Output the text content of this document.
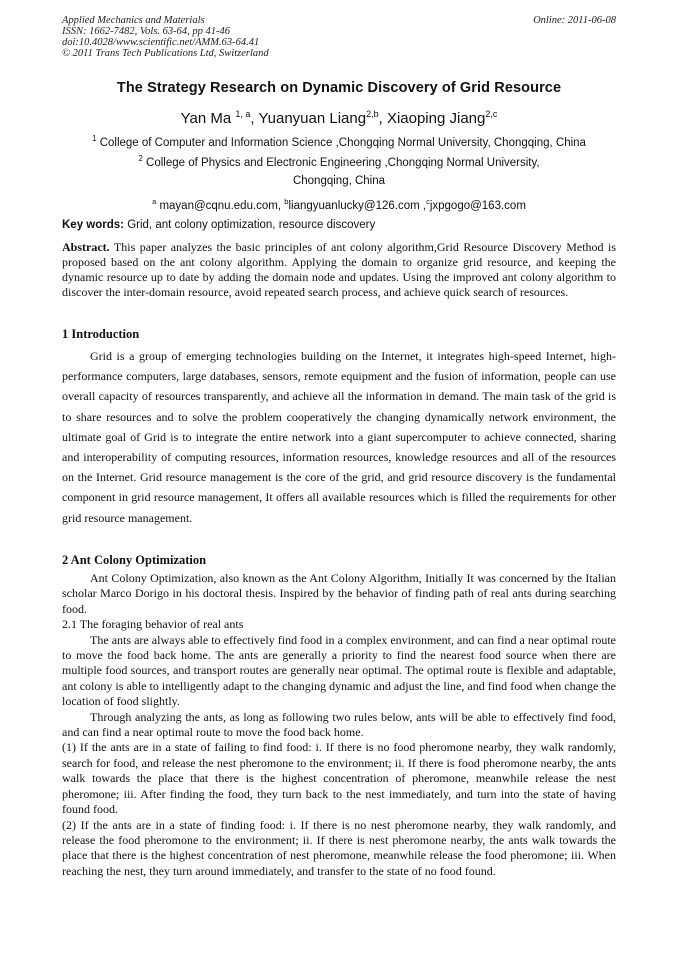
Applied Mechanics and Materials
ISSN: 1662-7482, Vols. 63-64, pp 41-46
doi:10.4028/www.scientific.net/AMM.63-64.41
© 2011 Trans Tech Publications Ltd, Switzerland
Online: 2011-06-08
The Strategy Research on Dynamic Discovery of Grid Resource
Yan Ma $^{1, a}$, Yuanyuan Liang$^{2,b}$, Xiaoping Jiang$^{2,c}$
$^1$ College of Computer and Information Science ,Chongqing Normal University, Chongqing, China
$^2$ College of Physics and Electronic Engineering ,Chongqing Normal University,
Chongqing, China
$^a$ mayan@cqnu.edu.com, $^b$liangyuanlucky@126.com ,$^c$jxpgogo@163.com
Key words: Grid, ant colony optimization, resource discovery
Abstract. This paper analyzes the basic principles of ant colony algorithm,Grid Resource Discovery Method is proposed based on the ant colony algorithm. Applying the domain to organize grid resource, and keeping the dynamic resource up to date by adding the domain node and updates. Using the improved ant colony algorithm to discover the inter-domain resource, avoid repeated search process, and achieve quick search of resources.
1 Introduction
Grid is a group of emerging technologies building on the Internet, it integrates high-speed Internet, high-performance computers, large databases, sensors, remote equipment and the fusion of information, people can use overall capacity of resources transparently, and achieve all the information in demand. The main task of the grid is to share resources and to solve the problem cooperatively the changing dynamically network environment, the ultimate goal of Grid is to integrate the entire network into a giant supercomputer to achieve connected, sharing and interoperability of computing resources, information resources, knowledge resources and all of the resources on the Internet. Grid resource management is the core of the grid, and grid resource discovery is the fundamental component in grid resource management, It offers all available resources which is filled the requirements for other grid resource management.
2 Ant Colony Optimization

Ant Colony Optimization, also known as the Ant Colony Algorithm, Initially It was concerned by the Italian scholar Marco Dorigo in his doctoral thesis. Inspired by the behavior of finding path of real ants during searching food.

2.1 The foraging behavior of real ants

The ants are always able to effectively find food in a complex environment, and can find a near optimal route to move the food back home. The ants are generally a priority to find the nearest food source when there are multiple food sources, and transport routes are generally near optimal. The optimal route is flexible and adaptable, ant colony is able to intelligently adapt to the changing dynamic and adjust the line, and find food when change the location of food slightly.

Through analyzing the ants, as long as following two rules below, ants will be able to effectively find food, and can find a near optimal route to move the food back home.

(1) If the ants are in a state of failing to find food: i. If there is no food pheromone nearby, they walk randomly, search for food, and release the nest pheromone to the environment; ii. If there is food pheromone nearby, the ants walk towards the place that there is the highest concentration of pheromone, meanwhile release the nest pheromone; iii. After finding the food, they turn back to the nest immediately, and turn into the state of having found food.

(2) If the ants are in a state of finding food: i. If there is no nest pheromone nearby, they walk randomly, and release the food pheromone to the environment; ii. If there is nest pheromone nearby, the ants walk towards the place that there is the highest concentration of nest pheromone, meanwhile release the food pheromone; iii. When reaching the nest, they turn around immediately, and transfer to the state of no food found.
